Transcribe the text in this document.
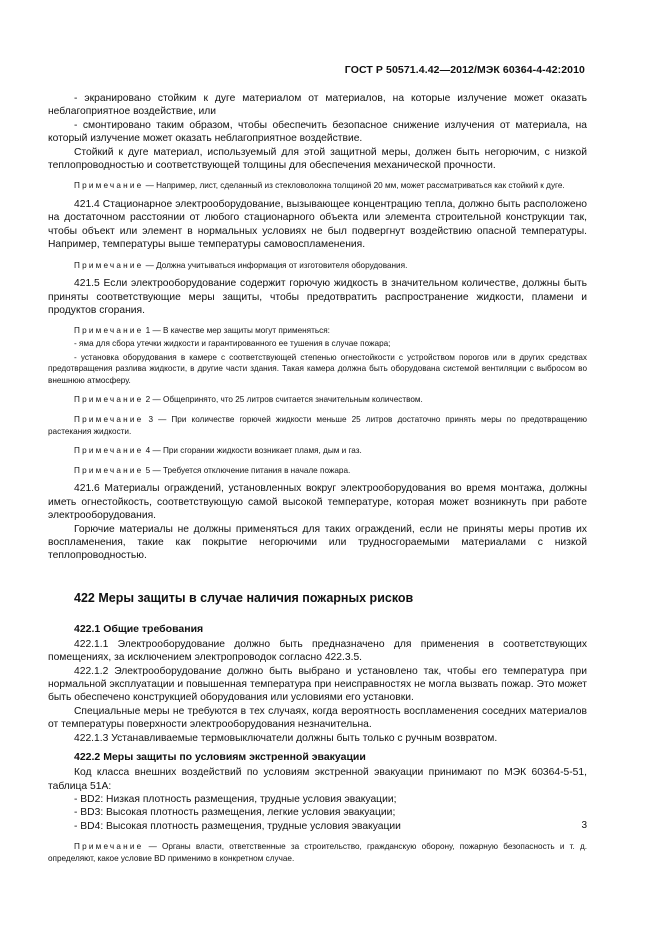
ГОСТ Р 50571.4.42—2012/МЭК 60364-4-42:2010

- экранировано стойким к дуге материалом от материалов, на которые излучение может оказать неблагоприятное воздействие, или

- смонтировано таким образом, чтобы обеспечить безопасное снижение излучения от материала, на который излучение может оказать неблагоприятное воздействие.

Стойкий к дуге материал, используемый для этой защитной меры, должен быть негорючим, с низкой теплопроводностью и соответствующей толщины для обеспечения механической прочности.

Примечание — Например, лист, сделанный из стекловолокна толщиной 20 мм, может рассматриваться как стойкий к дуге.

421.4 Стационарное электрооборудование, вызывающее концентрацию тепла, должно быть расположено на достаточном расстоянии от любого стационарного объекта или элемента строительной конструкции так, чтобы объект или элемент в нормальных условиях не был подвергнут воздействию опасной температуры. Например, температуры выше температуры самовоспламенения.

Примечание — Должна учитываться информация от изготовителя оборудования.

421.5 Если электрооборудование содержит горючую жидкость в значительном количестве, должны быть приняты соответствующие меры защиты, чтобы предотвратить распространение жидкости, пламени и продуктов сгорания.

Примечание 1 — В качестве мер защиты могут применяться:

- яма для сбора утечки жидкости и гарантированного ее тушения в случае пожара;

- установка оборудования в камере с соответствующей степенью огнестойкости с устройством порогов или в других средствах предотвращения разлива жидкости, в другие части здания. Такая камера должна быть оборудована системой вентиляции с выбросом во внешнюю атмосферу.

Примечание 2 — Общепринято, что 25 литров считается значительным количеством.

Примечание 3 — При количестве горючей жидкости меньше 25 литров достаточно принять меры по предотвращению растекания жидкости.

Примечание 4 — При сгорании жидкости возникает пламя, дым и газ.

Примечание 5 — Требуется отключение питания в начале пожара.

421.6 Материалы ограждений, установленных вокруг электрооборудования во время монтажа, должны иметь огнестойкость, соответствующую самой высокой температуре, которая может возникнуть при работе электрооборудования.

Горючие материалы не должны применяться для таких ограждений, если не приняты меры против их воспламенения, такие как покрытие негорючими или трудносгораемыми материалами с низкой теплопроводностью.

422 Меры защиты в случае наличия пожарных рисков

422.1 Общие требования

422.1.1 Электрооборудование должно быть предназначено для применения в соответствующих помещениях, за исключением электропроводок согласно 422.3.5.

422.1.2 Электрооборудование должно быть выбрано и установлено так, чтобы его температура при нормальной эксплуатации и повышенная температура при неисправностях не могла вызвать пожар. Это может быть обеспечено конструкцией оборудования или условиями его установки.

Специальные меры не требуются в тех случаях, когда вероятность воспламенения соседних материалов от температуры поверхности электрооборудования незначительна.

422.1.3 Устанавливаемые термовыключатели должны быть только с ручным возвратом.

422.2 Меры защиты по условиям экстренной эвакуации

Код класса внешних воздействий по условиям экстренной эвакуации принимают по МЭК 60364-5-51, таблица 51А:

- BD2: Низкая плотность размещения, трудные условия эвакуации;

- BD3: Высокая плотность размещения, легкие условия эвакуации;

- BD4: Высокая плотность размещения, трудные условия эвакуации

Примечание — Органы власти, ответственные за строительство, гражданскую оборону, пожарную безопасность и т. д. определяют, какое условие BD применимо в конкретном случае.

3
